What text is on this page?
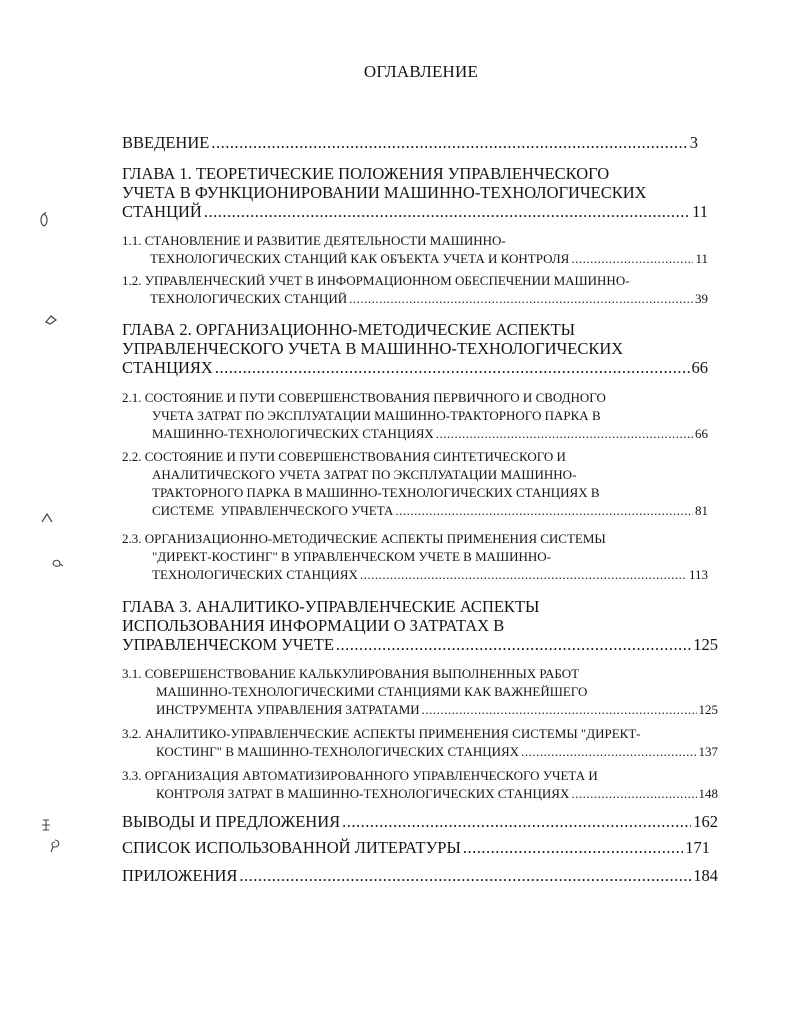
ОГЛАВЛЕНИЕ
ВВЕДЕНИЕ .....	3
ГЛАВА 1. ТЕОРЕТИЧЕСКИЕ ПОЛОЖЕНИЯ УПРАВЛЕНЧЕСКОГО
УЧЕТА В ФУНКЦИОНИРОВАНИИ МАШИННО-ТЕХНОЛОГИЧЕСКИХ
СТАНЦИЙ .....	11
1.1. СТАНОВЛЕНИЕ И РАЗВИТИЕ ДЕЯТЕЛЬНОСТИ МАШИННО-
ТЕХНОЛОГИЧЕСКИХ СТАНЦИЙ КАК ОБЪЕКТА УЧЕТА И КОНТРОЛЯ .....	11
1.2. УПРАВЛЕНЧЕСКИЙ УЧЕТ В ИНФОРМАЦИОННОМ ОБЕСПЕЧЕНИИ МАШИННО-
ТЕХНОЛОГИЧЕСКИХ СТАНЦИЙ .....	39
ГЛАВА 2. ОРГАНИЗАЦИОННО-МЕТОДИЧЕСКИЕ АСПЕКТЫ
УПРАВЛЕНЧЕСКОГО УЧЕТА В МАШИННО-ТЕХНОЛОГИЧЕСКИХ
СТАНЦИЯХ .....	66
2.1. СОСТОЯНИЕ И ПУТИ СОВЕРШЕНСТВОВАНИЯ ПЕРВИЧНОГО И СВОДНОГО
УЧЕТА ЗАТРАТ ПО ЭКСПЛУАТАЦИИ МАШИННО-ТРАКТОРНОГО ПАРКА В
МАШИННО-ТЕХНОЛОГИЧЕСКИХ СТАНЦИЯХ .....	66
2.2. СОСТОЯНИЕ И ПУТИ СОВЕРШЕНСТВОВАНИЯ СИНТЕТИЧЕСКОГО И
АНАЛИТИЧЕСКОГО УЧЕТА ЗАТРАТ ПО ЭКСПЛУАТАЦИИ МАШИННО-
ТРАКТОРНОГО ПАРКА В МАШИННО-ТЕХНОЛОГИЧЕСКИХ СТАНЦИЯХ В
СИСТЕМЕ  УПРАВЛЕНЧЕСКОГО УЧЕТА .....	81
2.3. ОРГАНИЗАЦИОННО-МЕТОДИЧЕСКИЕ АСПЕКТЫ ПРИМЕНЕНИЯ СИСТЕМЫ
"ДИРЕКТ-КОСТИНГ" В УПРАВЛЕНЧЕСКОМ УЧЕТЕ В МАШИННО-
ТЕХНОЛОГИЧЕСКИХ СТАНЦИЯХ .....	113
ГЛАВА 3. АНАЛИТИКО-УПРАВЛЕНЧЕСКИЕ АСПЕКТЫ
ИСПОЛЬЗОВАНИЯ ИНФОРМАЦИИ О ЗАТРАТАХ В
УПРАВЛЕНЧЕСКОМ УЧЕТЕ .....	125
3.1. СОВЕРШЕНСТВОВАНИЕ КАЛЬКУЛИРОВАНИЯ ВЫПОЛНЕННЫХ РАБОТ
МАШИННО-ТЕХНОЛОГИЧЕСКИМИ СТАНЦИЯМИ КАК ВАЖНЕЙШЕГО
ИНСТРУМЕНТА УПРАВЛЕНИЯ ЗАТРАТАМИ .....	125
3.2. АНАЛИТИКО-УПРАВЛЕНЧЕСКИЕ АСПЕКТЫ ПРИМЕНЕНИЯ СИСТЕМЫ "ДИРЕКТ-
КОСТИНГ" В МАШИННО-ТЕХНОЛОГИЧЕСКИХ СТАНЦИЯХ .....	137
3.3. ОРГАНИЗАЦИЯ АВТОМАТИЗИРОВАННОГО УПРАВЛЕНЧЕСКОГО УЧЕТА И
КОНТРОЛЯ ЗАТРАТ В МАШИННО-ТЕХНОЛОГИЧЕСКИХ СТАНЦИЯХ .....	148
ВЫВОДЫ И ПРЕДЛОЖЕНИЯ .....	162
СПИСОК ИСПОЛЬЗОВАННОЙ ЛИТЕРАТУРЫ .....	171
ПРИЛОЖЕНИЯ .....	184
